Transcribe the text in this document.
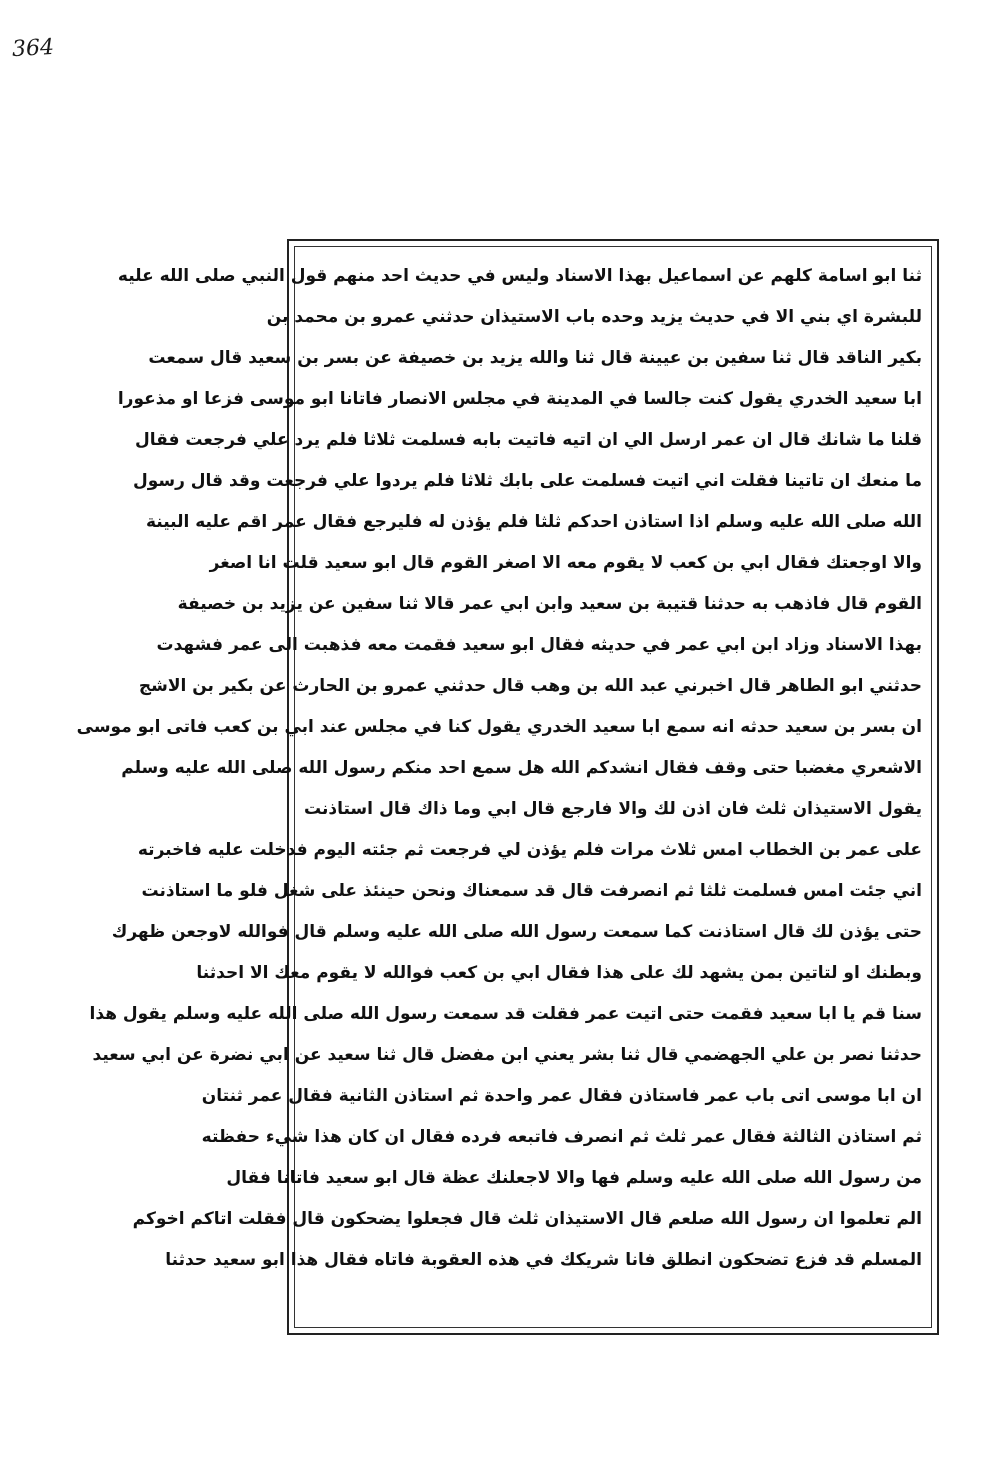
364
ثنا ابو اسامة كلهم عن اسماعيل بهذا الاسناد وليس في حديث احد منهم قول النبي صلى الله عليه
للبشرة اي بني الا في حديث يزيد وحده باب الاستيذان حدثني عمرو بن محمد بن
بكير الناقد قال ثنا سفين بن عيينة قال ثنا والله يزيد بن خصيفة عن بسر بن سعيد قال سمعت
ابا سعيد الخدري يقول كنت جالسا في المدينة في مجلس الانصار فاتانا ابو موسى فزعا او مذعورا
قلنا ما شانك قال ان عمر ارسل الي ان اتيه فاتيت بابه فسلمت ثلاثا فلم يرد علي فرجعت فقال
ما منعك ان تاتينا فقلت اني اتيت فسلمت على بابك ثلاثا فلم يردوا علي فرجعت وقد قال رسول
الله صلى الله عليه وسلم اذا استاذن احدكم ثلثا فلم يؤذن له فليرجع فقال عمر اقم عليه البينة
والا اوجعتك فقال ابي بن كعب لا يقوم معه الا اصغر القوم قال ابو سعيد قلت انا اصغر
القوم قال فاذهب به حدثنا قتيبة بن سعيد وابن ابي عمر قالا ثنا سفين عن يزيد بن خصيفة
بهذا الاسناد وزاد ابن ابي عمر في حديثه فقال ابو سعيد فقمت معه فذهبت الى عمر فشهدت
حدثني ابو الطاهر قال اخبرني عبد الله بن وهب قال حدثني عمرو بن الحارث عن بكير بن الاشج
ان بسر بن سعيد حدثه انه سمع ابا سعيد الخدري يقول كنا في مجلس عند ابي بن كعب فاتى ابو موسى
الاشعري مغضبا حتى وقف فقال انشدكم الله هل سمع احد منكم رسول الله صلى الله عليه وسلم
يقول الاستيذان ثلث فان اذن لك والا فارجع قال ابي وما ذاك قال استاذنت
على عمر بن الخطاب امس ثلاث مرات فلم يؤذن لي فرجعت ثم جئته اليوم فدخلت عليه فاخبرته
اني جئت امس فسلمت ثلثا ثم انصرفت قال قد سمعناك ونحن حينئذ على شغل فلو ما استاذنت
حتى يؤذن لك قال استاذنت كما سمعت رسول الله صلى الله عليه وسلم قال فوالله لاوجعن ظهرك
وبطنك او لتاتين بمن يشهد لك على هذا فقال ابي بن كعب فوالله لا يقوم معك الا احدثنا
سنا قم يا ابا سعيد فقمت حتى اتيت عمر فقلت قد سمعت رسول الله صلى الله عليه وسلم يقول هذا
حدثنا نصر بن علي الجهضمي قال ثنا بشر يعني ابن مفضل قال ثنا سعيد عن ابي نضرة عن ابي سعيد
ان ابا موسى اتى باب عمر فاستاذن فقال عمر واحدة ثم استاذن الثانية فقال عمر ثنتان
ثم استاذن الثالثة فقال عمر ثلث ثم انصرف فاتبعه فرده فقال ان كان هذا شيء حفظته
من رسول الله صلى الله عليه وسلم فها والا لاجعلنك عظة قال ابو سعيد فاتانا فقال
الم تعلموا ان رسول الله صلعم قال الاستيذان ثلث قال فجعلوا يضحكون قال فقلت اتاكم اخوكم
المسلم قد فزع تضحكون انطلق فانا شريكك في هذه العقوبة فاتاه فقال هذا ابو سعيد حدثنا
